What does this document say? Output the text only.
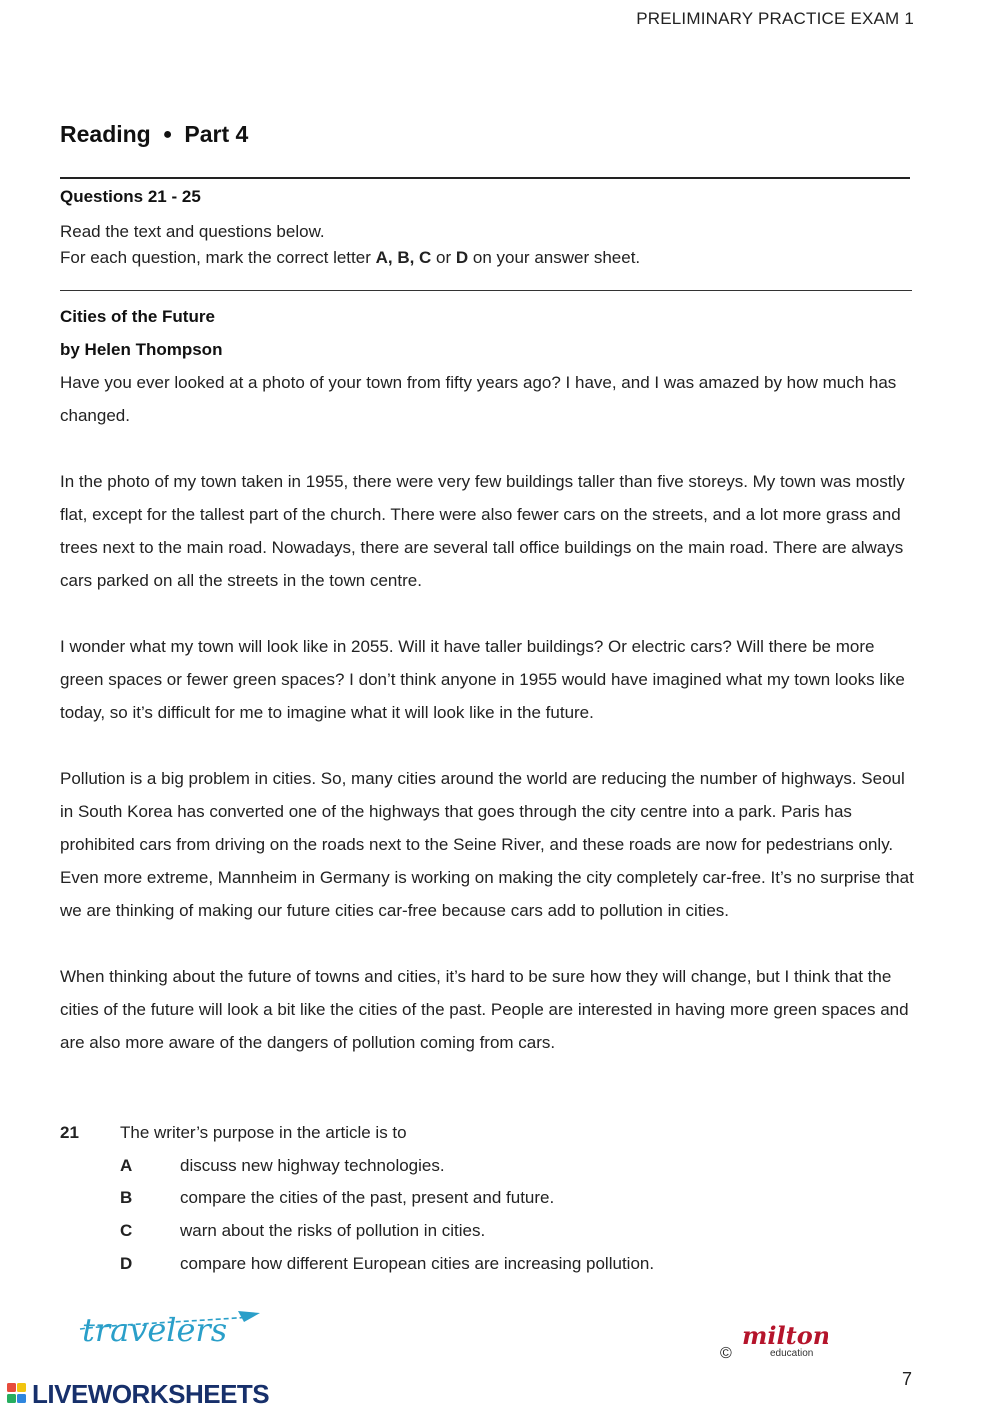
PRELIMINARY PRACTICE EXAM 1
Reading ● Part 4
Questions 21 - 25
Read the text and questions below.
For each question, mark the correct letter A, B, C or D on your answer sheet.
Cities of the Future
by Helen Thompson

Have you ever looked at a photo of your town from fifty years ago? I have, and I was amazed by how much has changed.

In the photo of my town taken in 1955, there were very few buildings taller than five storeys. My town was mostly flat, except for the tallest part of the church. There were also fewer cars on the streets, and a lot more grass and trees next to the main road. Nowadays, there are several tall office buildings on the main road. There are always cars parked on all the streets in the town centre.

I wonder what my town will look like in 2055. Will it have taller buildings? Or electric cars? Will there be more green spaces or fewer green spaces? I don’t think anyone in 1955 would have imagined what my town looks like today, so it’s difficult for me to imagine what it will look like in the future.

Pollution is a big problem in cities. So, many cities around the world are reducing the number of highways. Seoul in South Korea has converted one of the highways that goes through the city centre into a park. Paris has prohibited cars from driving on the roads next to the Seine River, and these roads are now for pedestrians only. Even more extreme, Mannheim in Germany is working on making the city completely car-free. It’s no surprise that we are thinking of making our future cities car-free because cars add to pollution in cities.

When thinking about the future of towns and cities, it’s hard to be sure how they will change, but I think that the cities of the future will look a bit like the cities of the past. People are interested in having more green spaces and are also more aware of the dangers of pollution coming from cars.

21 The writer’s purpose in the article is to
A	discuss new highway technologies.
B	compare the cities of the past, present and future.
C	warn about the risks of pollution in cities.
D	compare how different European cities are increasing pollution.
travelers
©
milton
education
7
LIVEWORKSHEETS
